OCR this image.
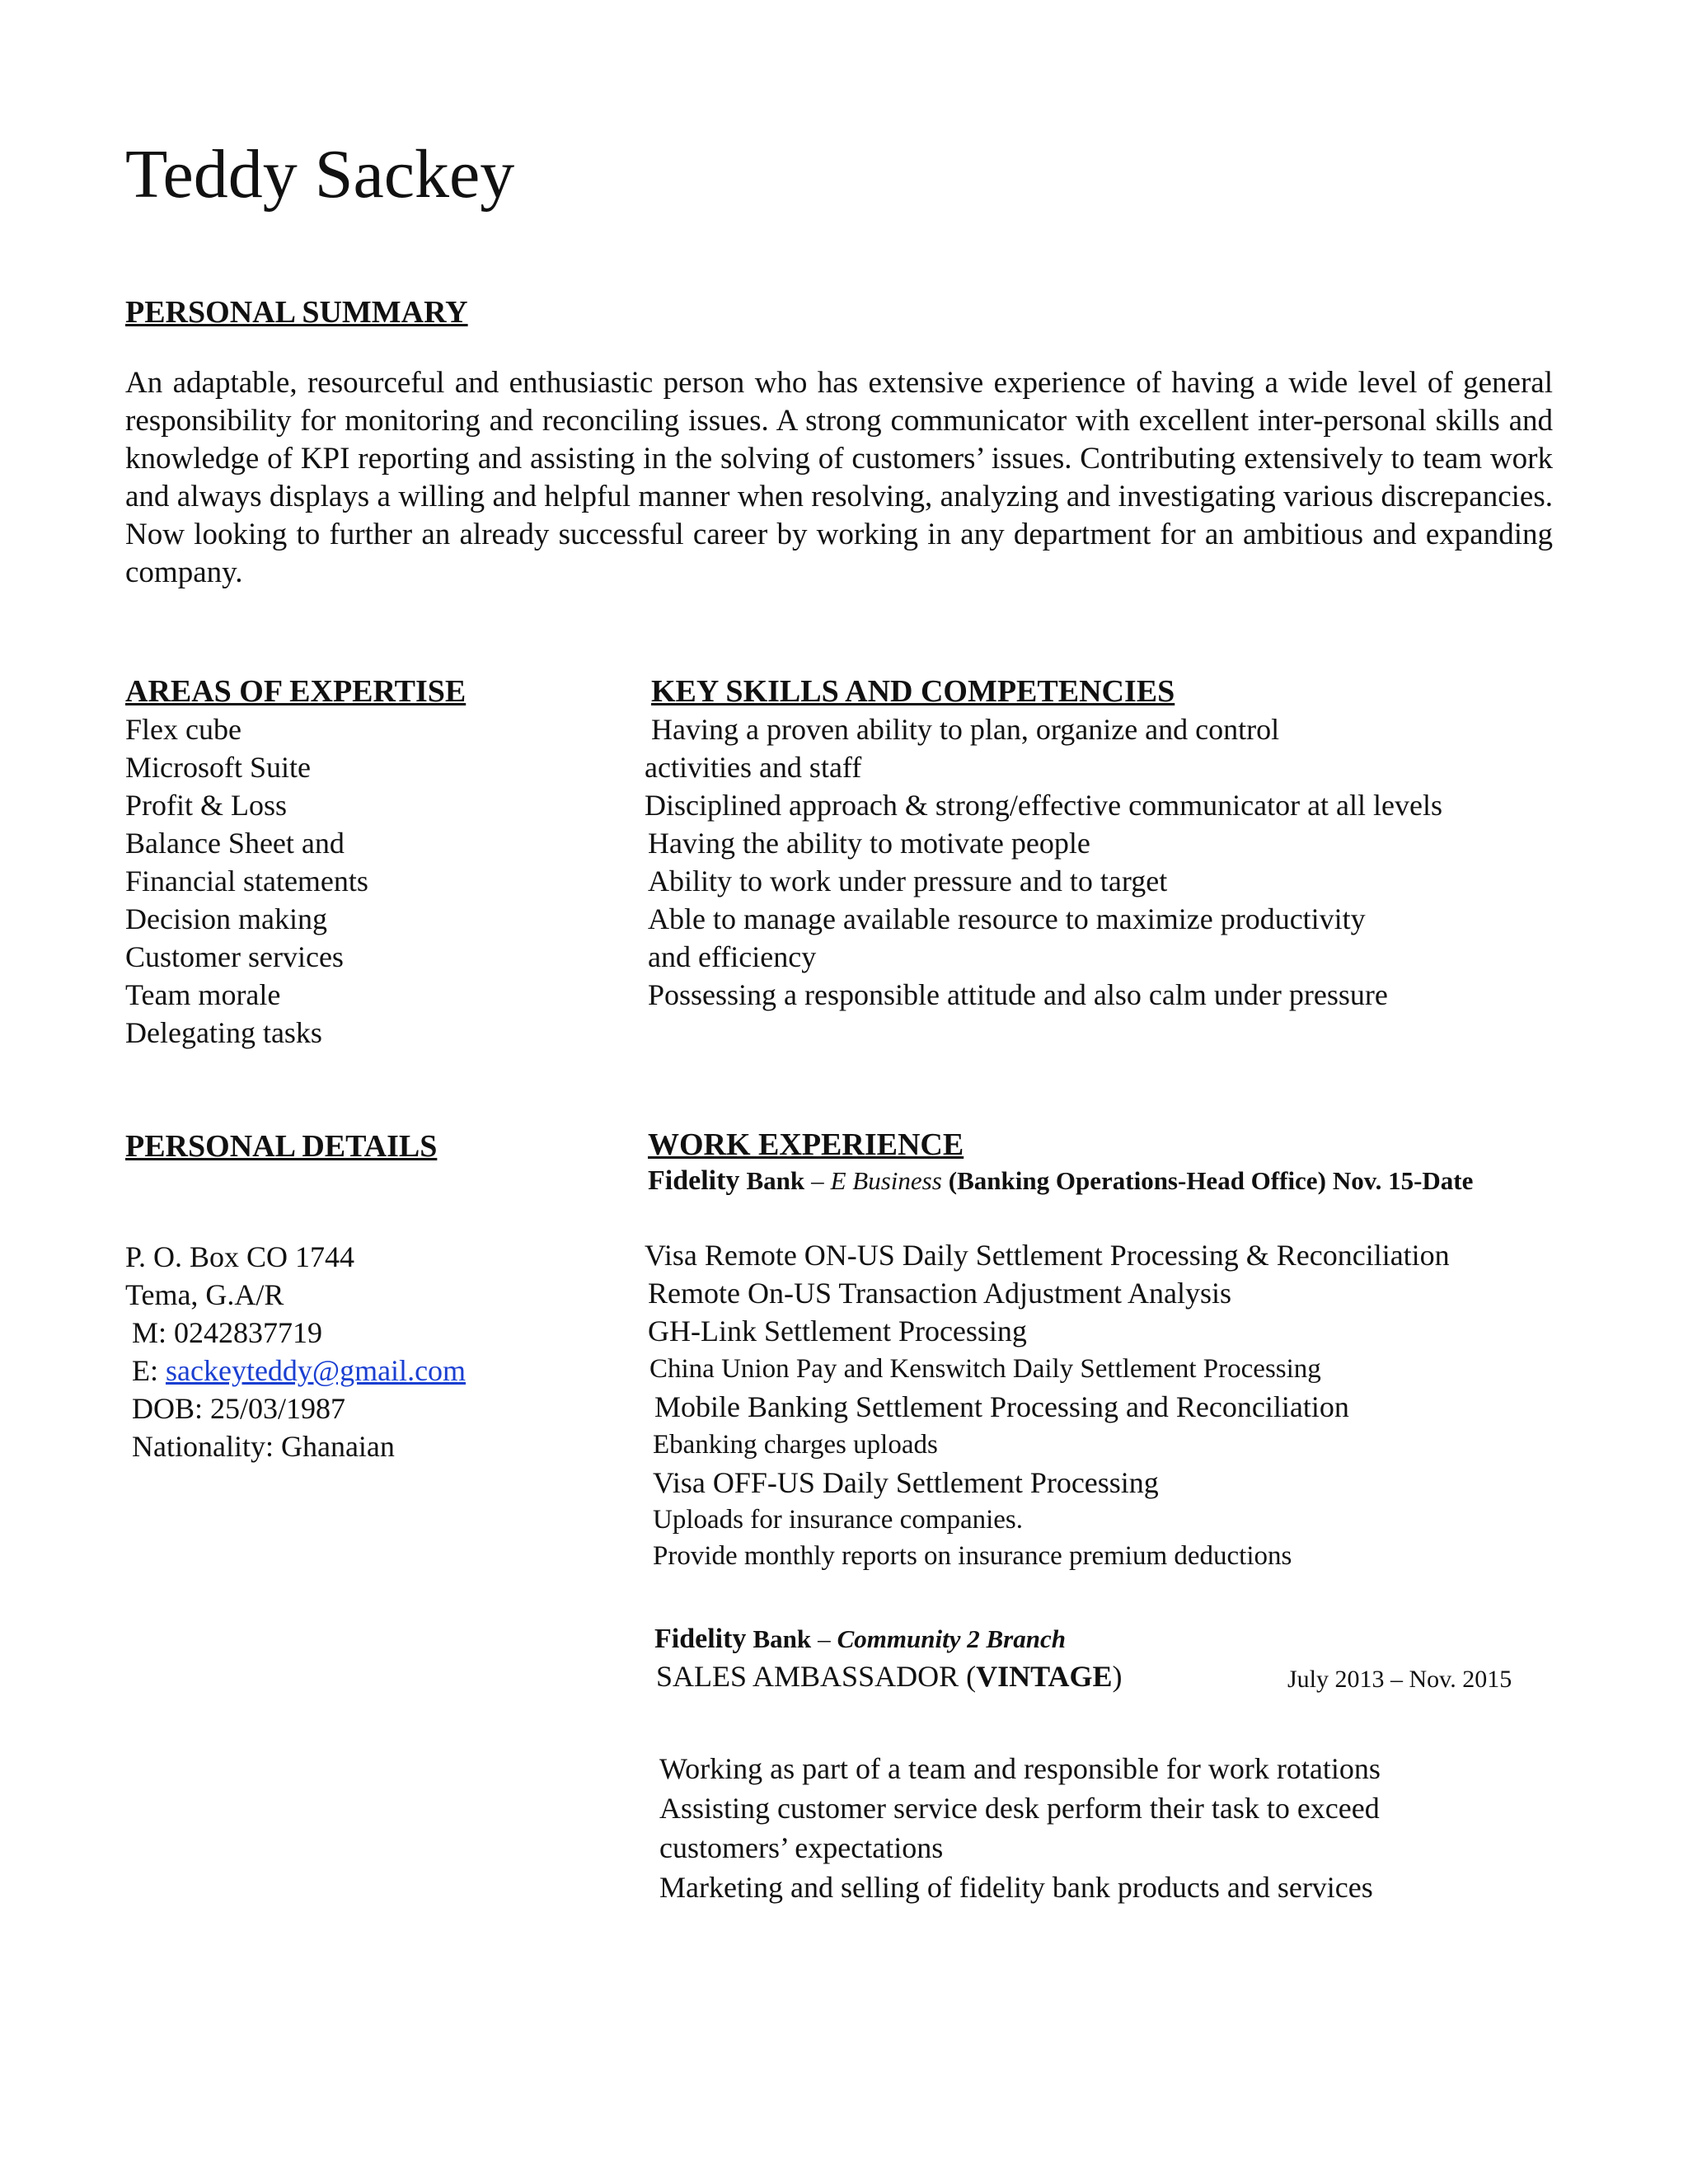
Teddy Sackey
PERSONAL SUMMARY
An adaptable, resourceful and enthusiastic person who has extensive experience of having a wide level of general responsibility for monitoring and reconciling issues. A strong communicator with excellent inter-personal skills and knowledge of KPI reporting and assisting in the solving of customers’ issues. Contributing extensively to team work and always displays a willing and helpful manner when resolving, analyzing and investigating various discrepancies. Now looking to further an already successful career by working in any department for an ambitious and expanding company.
AREAS OF EXPERTISE
Flex cube
Microsoft Suite
Profit & Loss
Balance Sheet and
Financial statements
Decision making
Customer services
Team morale
Delegating tasks
KEY SKILLS AND COMPETENCIES
Having a proven ability to plan, organize and control
activities and staff
Disciplined approach & strong/effective communicator at all levels
Having the ability to motivate people
Ability to work under pressure and to target
Able to manage available resource to maximize productivity
and efficiency
Possessing a responsible attitude and also calm under pressure
PERSONAL DETAILS
P. O. Box CO 1744
Tema, G.A/R
M: 0242837719
E: sackeyteddy@gmail.com
DOB: 25/03/1987
Nationality: Ghanaian
WORK EXPERIENCE
Fidelity Bank – E Business (Banking Operations-Head Office) Nov. 15-Date
Visa Remote ON-US Daily Settlement Processing & Reconciliation
Remote On-US Transaction Adjustment Analysis
GH-Link Settlement Processing
China Union Pay and Kenswitch Daily Settlement Processing
Mobile Banking Settlement Processing and Reconciliation
Ebanking charges uploads
Visa OFF-US Daily Settlement Processing
Uploads for insurance companies.
Provide monthly reports on insurance premium deductions
Fidelity Bank – Community 2 Branch
SALES AMBASSADOR (VINTAGE)	July 2013 – Nov. 2015
Working as part of a team and responsible for work rotations
Assisting customer service desk perform their task to exceed
customers’ expectations
Marketing and selling of fidelity bank products and services
